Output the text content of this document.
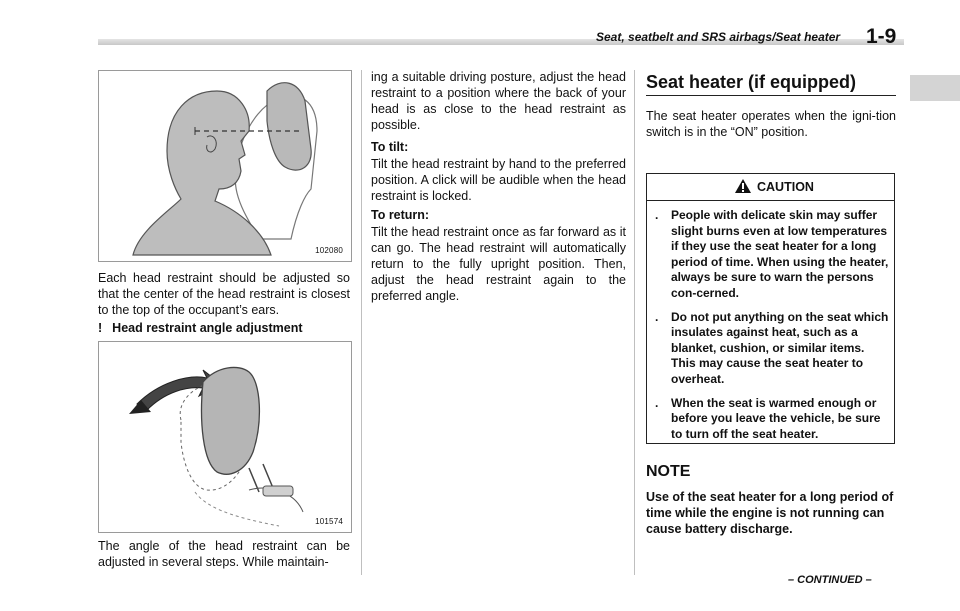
Seat, seatbelt and SRS airbags/Seat heater 1-9
102080

Each head restraint should be adjusted so that the center of the head restraint is closest to the top of the occupant’s ears.

! Head restraint angle adjustment

101574

The angle of the head restraint can be adjusted in several steps. While maintain-

ing a suitable driving posture, adjust the head restraint to a position where the back of your head is as close to the head restraint as possible.

To tilt:

Tilt the head restraint by hand to the preferred position. A click will be audible when the head restraint is locked.

To return:

Tilt the head restraint once as far forward as it can go. The head restraint will automatically return to the fully upright position. Then, adjust the head restraint again to the preferred angle.

Seat heater (if equipped)

The seat heater operates when the igni-tion switch is in the “ON” position.

CAUTION
. People with delicate skin may suffer slight burns even at low temperatures if they use the seat heater for a long period of time. When using the heater, always be sure to warn the persons con-cerned.
. Do not put anything on the seat which insulates against heat, such as a blanket, cushion, or similar items. This may cause the seat heater to overheat.
. When the seat is warmed enough or before you leave the vehicle, be sure to turn off the seat heater.
NOTE

Use of the seat heater for a long period of time while the engine is not running can cause battery discharge.

– CONTINUED –
